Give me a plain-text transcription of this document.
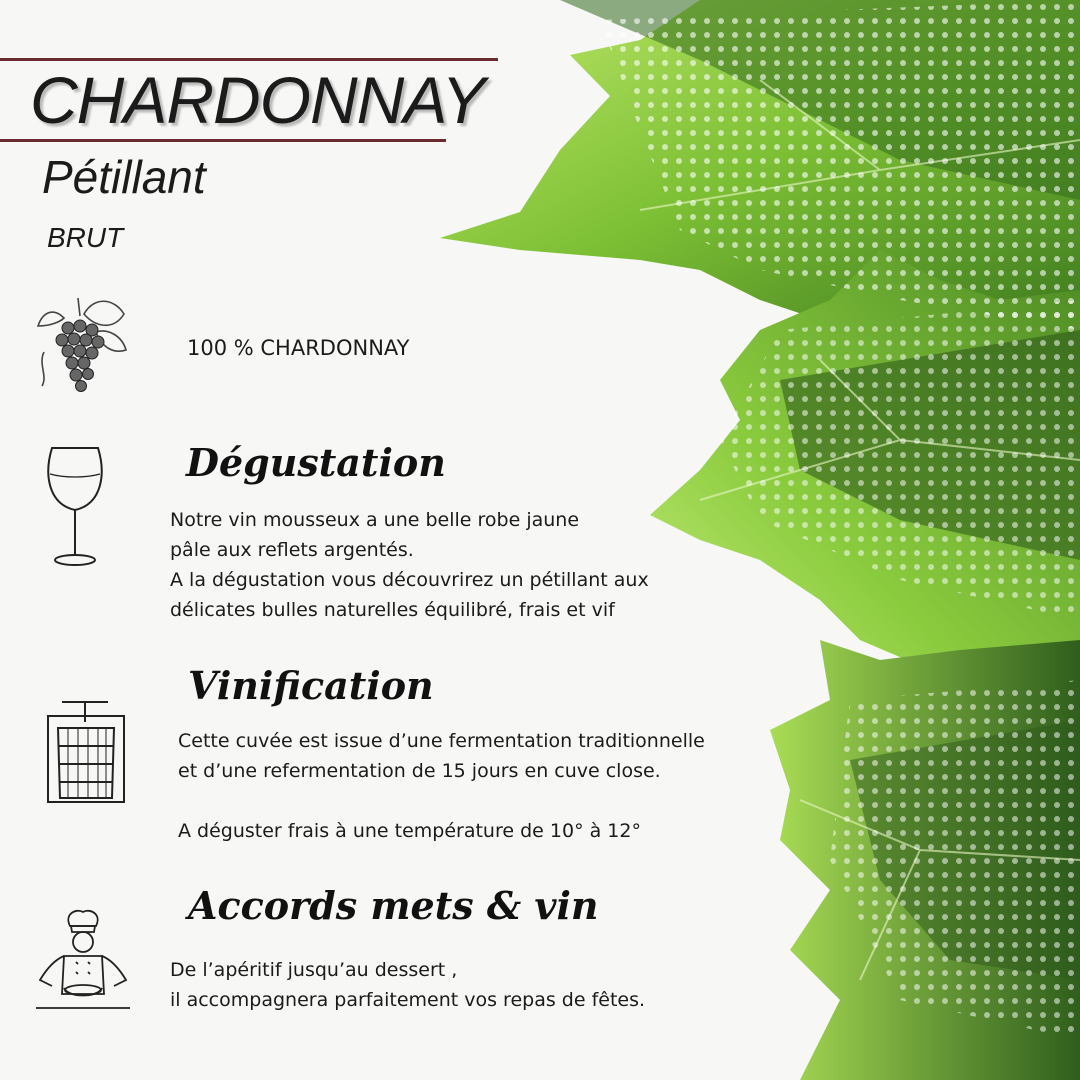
CHARDONNAY
Pétillant
BRUT
100 % CHARDONNAY
Dégustation
Notre vin mousseux a une belle robe jaune
pâle aux reflets argentés.
A la dégustation vous découvrirez un pétillant aux
délicates bulles naturelles équilibré, frais et vif
Vinification
Cette cuvée est issue d’une fermentation traditionnelle
et d’une refermentation de 15 jours en cuve close.
A déguster frais à une température de 10° à 12°
Accords mets & vin
De l’apéritif jusqu’au dessert ,
il accompagnera parfaitement vos repas de fêtes.
